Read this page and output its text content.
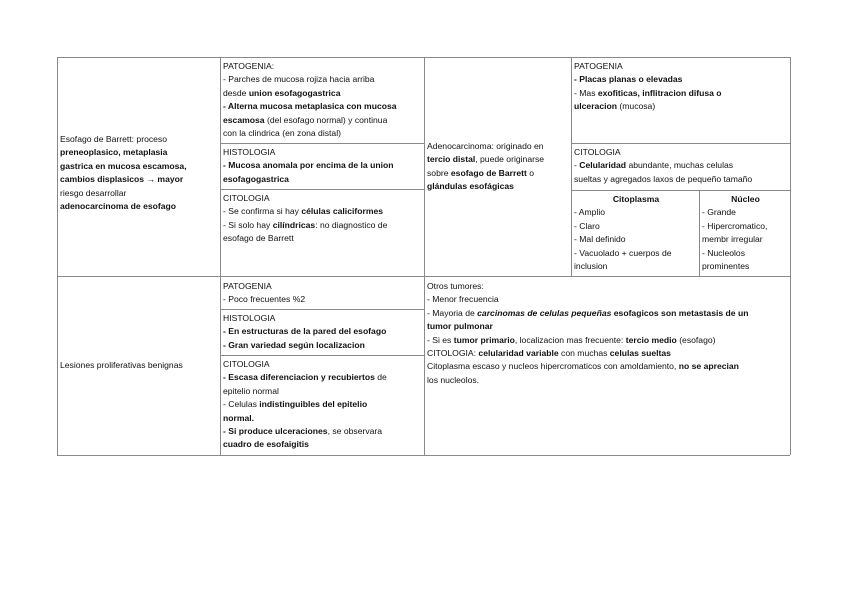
Esofago de Barrett: proceso
preneoplasico, metaplasia
gastrica en mucosa escamosa,
cambios displasicos → mayor
riesgo desarrollar
adenocarcinoma de esofago
PATOGENIA:
- Parches de mucosa rojiza hacia arriba
desde union esofagogastrica
- Alterna mucosa metaplasica con mucosa
escamosa (del esofago normal) y continua
con la clindrica (en zona distal)
HISTOLOGIA
- Mucosa anomala por encima de la union
esofagogastrica
CITOLOGIA
- Se confirma si hay células caliciformes
- Si solo hay cilíndricas: no diagnostico de
esofago de Barrett
Adenocarcinoma: originado en
tercio distal, puede originarse
sobre esofago de Barrett o
glándulas esofágicas
PATOGENIA
- Placas planas o elevadas
- Mas exofiticas, inflitracion difusa o
ulceracion (mucosa)
CITOLOGIA
- Celularidad abundante, muchas celulas
sueltas y agregados laxos de pequeño tamaño
Citoplasma
- Amplio
- Claro
- Mal definido
- Vacuolado + cuerpos de
inclusion
Núcleo
- Grande
- Hipercromatico,
membr irregular
- Nucleolos
prominentes
Lesiones proliferativas benignas
PATOGENIA
- Poco frecuentes %2
HISTOLOGIA
- En estructuras de la pared del esofago
- Gran variedad según localizacion
CITOLOGIA
- Escasa diferenciacion y recubiertos de
epitelio normal
- Celulas indistinguibles del epitelio
normal.
- Si produce ulceraciones, se observara
cuadro de esofaigitis
Otros tumores:
- Menor frecuencia
- Mayoria de carcinomas de celulas pequeñas esofagicos son metastasis de un
tumor pulmonar
- Si es tumor primario, localizacion mas frecuente: tercio medio (esofago)
CITOLOGIA: celularidad variable con muchas celulas sueltas
Citoplasma escaso y nucleos hipercromaticos con amoldamiento, no se aprecian
los nucleolos.
